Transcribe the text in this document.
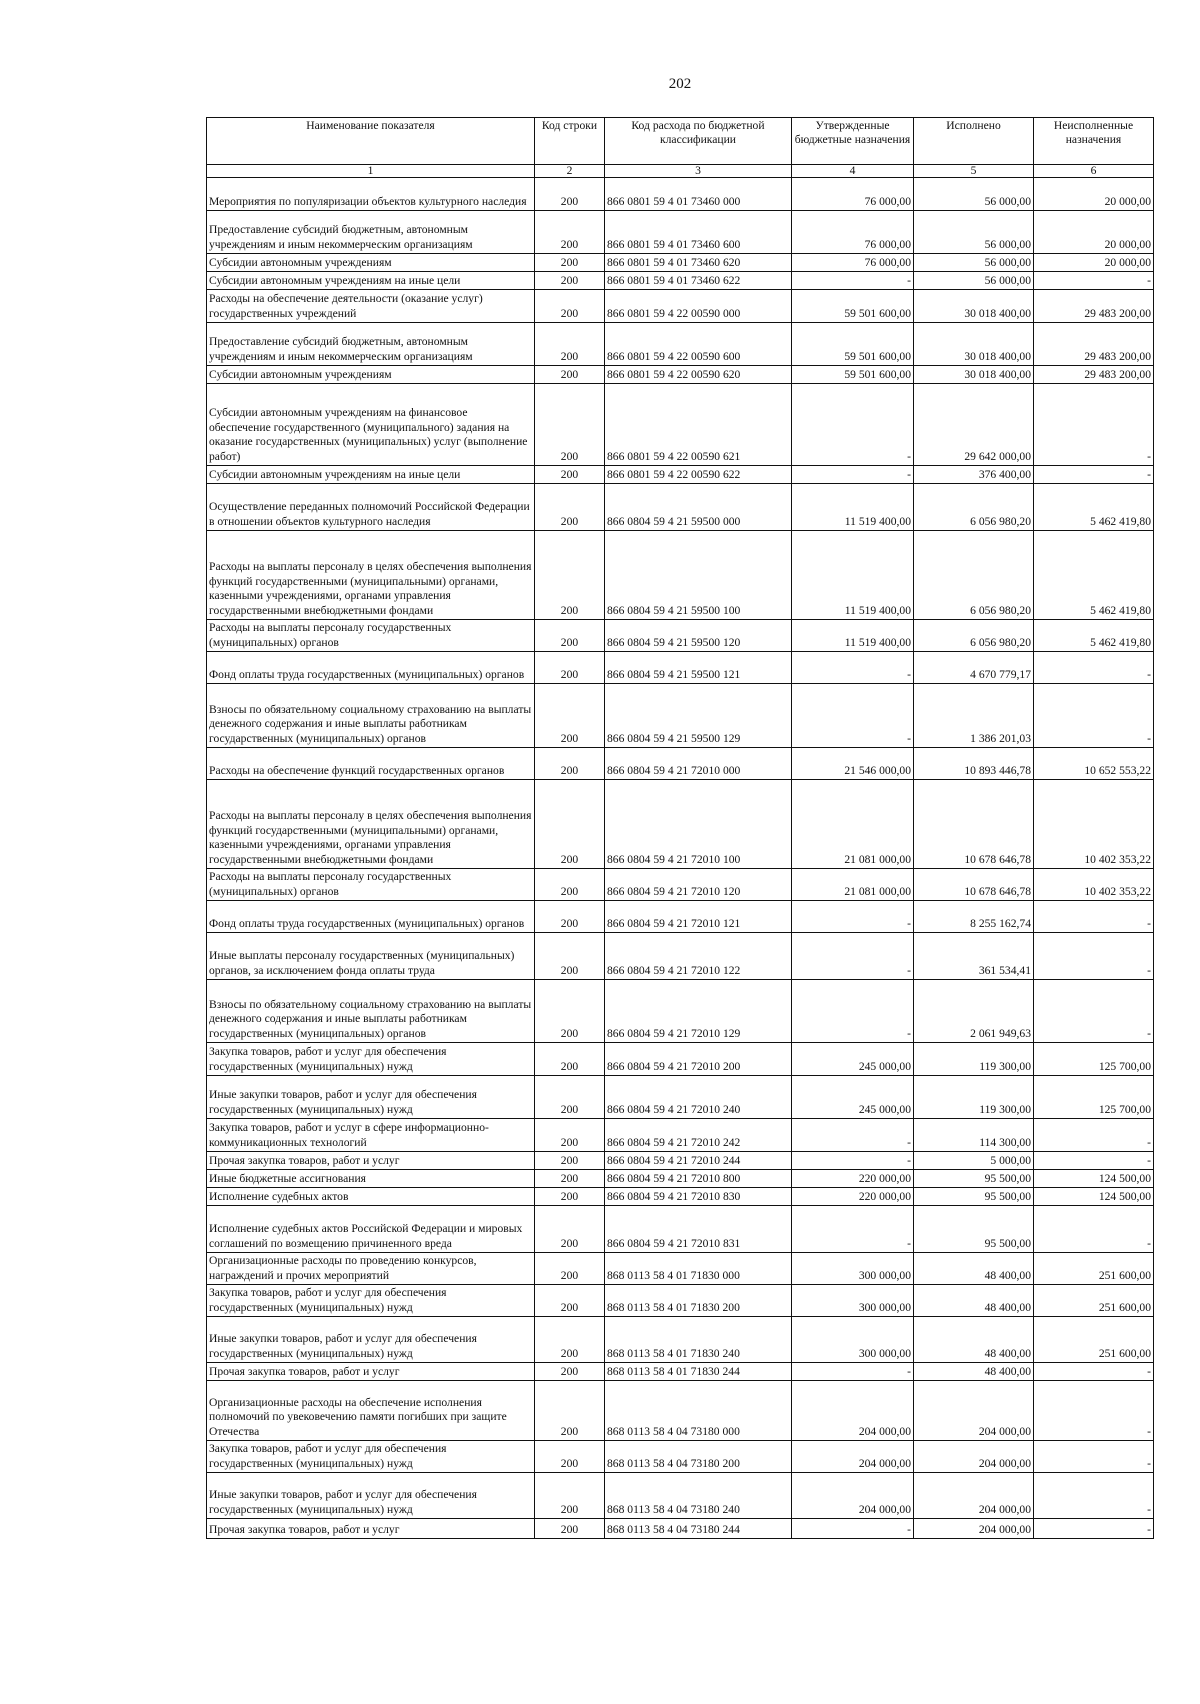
202
Наименование показателя	Код строки	Код расхода по бюджетной классификации	Утвержденные бюджетные назначения	Исполнено	Неисполненные назначения
1	2	3	4	5	6
Мероприятия по популяризации объектов культурного наследия	200	866 0801 59 4 01 73460 000	76 000,00	56 000,00	20 000,00
Предоставление субсидий бюджетным, автономным учреждениям и иным некоммерческим организациям	200	866 0801 59 4 01 73460 600	76 000,00	56 000,00	20 000,00
Субсидии автономным учреждениям	200	866 0801 59 4 01 73460 620	76 000,00	56 000,00	20 000,00
Субсидии автономным учреждениям на иные цели	200	866 0801 59 4 01 73460 622	-	56 000,00	-
Расходы на обеспечение деятельности (оказание услуг) государственных учреждений	200	866 0801 59 4 22 00590 000	59 501 600,00	30 018 400,00	29 483 200,00
Предоставление субсидий бюджетным, автономным учреждениям и иным некоммерческим организациям	200	866 0801 59 4 22 00590 600	59 501 600,00	30 018 400,00	29 483 200,00
Субсидии автономным учреждениям	200	866 0801 59 4 22 00590 620	59 501 600,00	30 018 400,00	29 483 200,00
Субсидии автономным учреждениям на финансовое обеспечение государственного (муниципального) задания на оказание государственных (муниципальных) услуг (выполнение работ)	200	866 0801 59 4 22 00590 621	-	29 642 000,00	-
Субсидии автономным учреждениям на иные цели	200	866 0801 59 4 22 00590 622	-	376 400,00	-
Осуществление переданных полномочий Российской Федерации в отношении объектов культурного наследия	200	866 0804 59 4 21 59500 000	11 519 400,00	6 056 980,20	5 462 419,80
Расходы на выплаты персоналу в целях обеспечения выполнения функций государственными (муниципальными) органами, казенными учреждениями, органами управления государственными внебюджетными фондами	200	866 0804 59 4 21 59500 100	11 519 400,00	6 056 980,20	5 462 419,80
Расходы на выплаты персоналу государственных (муниципальных) органов	200	866 0804 59 4 21 59500 120	11 519 400,00	6 056 980,20	5 462 419,80
Фонд оплаты труда государственных (муниципальных) органов	200	866 0804 59 4 21 59500 121	-	4 670 779,17	-
Взносы по обязательному социальному страхованию на выплаты денежного содержания и иные выплаты работникам государственных (муниципальных) органов	200	866 0804 59 4 21 59500 129	-	1 386 201,03	-
Расходы на обеспечение функций государственных органов	200	866 0804 59 4 21 72010 000	21 546 000,00	10 893 446,78	10 652 553,22
Расходы на выплаты персоналу в целях обеспечения выполнения функций государственными (муниципальными) органами, казенными учреждениями, органами управления государственными внебюджетными фондами	200	866 0804 59 4 21 72010 100	21 081 000,00	10 678 646,78	10 402 353,22
Расходы на выплаты персоналу государственных (муниципальных) органов	200	866 0804 59 4 21 72010 120	21 081 000,00	10 678 646,78	10 402 353,22
Фонд оплаты труда государственных (муниципальных) органов	200	866 0804 59 4 21 72010 121	-	8 255 162,74	-
Иные выплаты персоналу государственных (муниципальных) органов, за исключением фонда оплаты труда	200	866 0804 59 4 21 72010 122	-	361 534,41	-
Взносы по обязательному социальному страхованию на выплаты денежного содержания и иные выплаты работникам государственных (муниципальных) органов	200	866 0804 59 4 21 72010 129	-	2 061 949,63	-
Закупка товаров, работ и услуг для обеспечения государственных (муниципальных) нужд	200	866 0804 59 4 21 72010 200	245 000,00	119 300,00	125 700,00
Иные закупки товаров, работ и услуг для обеспечения государственных (муниципальных) нужд	200	866 0804 59 4 21 72010 240	245 000,00	119 300,00	125 700,00
Закупка товаров, работ и услуг в сфере информационно-коммуникационных технологий	200	866 0804 59 4 21 72010 242	-	114 300,00	-
Прочая закупка товаров, работ и услуг	200	866 0804 59 4 21 72010 244	-	5 000,00	-
Иные бюджетные ассигнования	200	866 0804 59 4 21 72010 800	220 000,00	95 500,00	124 500,00
Исполнение судебных актов	200	866 0804 59 4 21 72010 830	220 000,00	95 500,00	124 500,00
Исполнение судебных актов Российской Федерации и мировых соглашений по возмещению причиненного вреда	200	866 0804 59 4 21 72010 831	-	95 500,00	-
Организационные расходы по проведению конкурсов, награждений и прочих мероприятий	200	868 0113 58 4 01 71830 000	300 000,00	48 400,00	251 600,00
Закупка товаров, работ и услуг для обеспечения государственных (муниципальных) нужд	200	868 0113 58 4 01 71830 200	300 000,00	48 400,00	251 600,00
Иные закупки товаров, работ и услуг для обеспечения государственных (муниципальных) нужд	200	868 0113 58 4 01 71830 240	300 000,00	48 400,00	251 600,00
Прочая закупка товаров, работ и услуг	200	868 0113 58 4 01 71830 244	-	48 400,00	-
Организационные расходы на обеспечение исполнения полномочий по увековечению памяти погибших при защите Отечества	200	868 0113 58 4 04 73180 000	204 000,00	204 000,00	-
Закупка товаров, работ и услуг для обеспечения государственных (муниципальных) нужд	200	868 0113 58 4 04 73180 200	204 000,00	204 000,00	-
Иные закупки товаров, работ и услуг для обеспечения государственных (муниципальных) нужд	200	868 0113 58 4 04 73180 240	204 000,00	204 000,00	-
Прочая закупка товаров, работ и услуг	200	868 0113 58 4 04 73180 244	-	204 000,00	-
